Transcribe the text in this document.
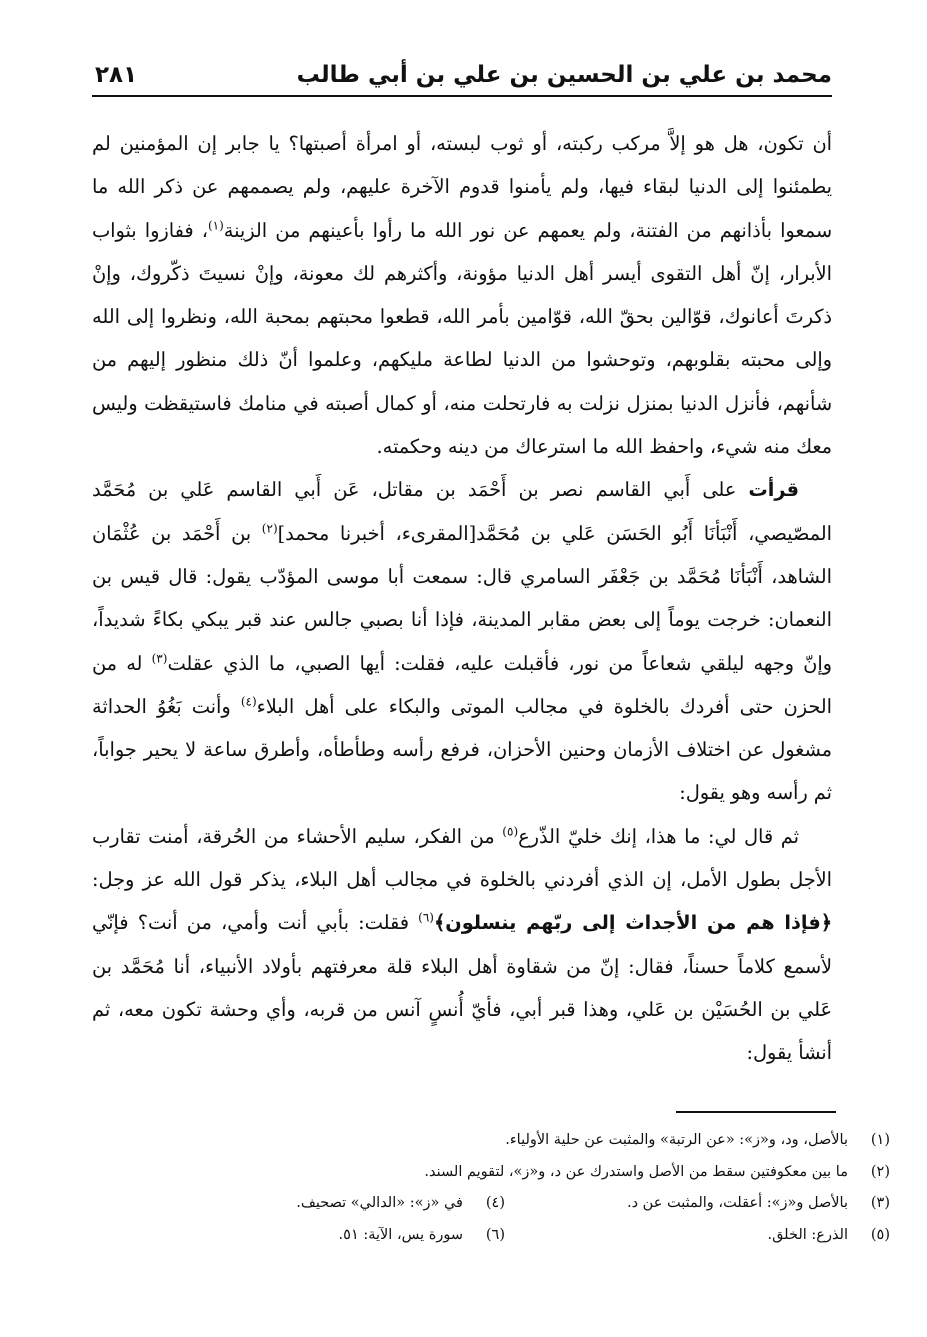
محمد بن علي بن الحسين بن علي بن أبي طالب
٢٨١

أن تكون، هل هو إلاَّ مركب ركبته، أو ثوب لبسته، أو امرأة أصبتها؟ يا جابر إن المؤمنين لم يطمئنوا إلى الدنيا لبقاء فيها، ولم يأمنوا قدوم الآخرة عليهم، ولم يصممهم عن ذكر الله ما سمعوا بأذانهم من الفتنة، ولم يعمهم عن نور الله ما رأوا بأعينهم من الزينة$^{(١)}$، ففازوا بثواب الأبرار، إنّ أهل التقوى أيسر أهل الدنيا مؤونة، وأكثرهم لك معونة، وإنْ نسيتَ ذكّروك، وإنْ ذكرتَ أعانوك، قوّالين بحقّ الله، قوّامين بأمر الله، قطعوا محبتهم بمحبة الله، ونظروا إلى الله وإلى محبته بقلوبهم، وتوحشوا من الدنيا لطاعة مليكهم، وعلموا أنّ ذلك منظور إليهم من شأنهم، فأنزل الدنيا بمنزل نزلت به فارتحلت منه، أو كمال أصبته في منامك فاستيقظت وليس معك منه شيء، واحفظ الله ما استرعاك من دينه وحكمته.

قرأت على أَبي القاسم نصر بن أَحْمَد بن مقاتل، عَن أَبي القاسم عَلي بن مُحَمَّد المصّيصي، أَنْبَأنَا أَبُو الحَسَن عَلي بن مُحَمَّد[المقرىء، أخبرنا محمد]$^{(٢)}$ بن أَحْمَد بن عُثْمَان الشاهد، أَنْبَأنَا مُحَمَّد بن جَعْفَر السامري قال: سمعت أبا موسى المؤدّب يقول: قال قيس بن النعمان: خرجت يوماً إلى بعض مقابر المدينة، فإذا أنا بصبي جالس عند قبر يبكي بكاءً شديداً، وإنّ وجهه ليلقي شعاعاً من نور، فأقبلت عليه، فقلت: أيها الصبي، ما الذي عقلت$^{(٣)}$ له من الحزن حتى أفردك بالخلوة في مجالب الموتى والبكاء على أهل البلاء$^{(٤)}$ وأنت بَغُوُ الحداثة مشغول عن اختلاف الأزمان وحنين الأحزان، فرفع رأسه وطأطأه، وأطرق ساعة لا يحير جواباً، ثم رأسه وهو يقول:

ثم قال لي: ما هذا، إنك خليّ الذّرع$^{(٥)}$ من الفكر، سليم الأحشاء من الحُرقة، أمنت تقارب الأجل بطول الأمل، إن الذي أفردني بالخلوة في مجالب أهل البلاء، يذكر قول الله عز وجل: ﴿فإذا هم من الأجداث إلى ربّهم ينسلون﴾$^{(٦)}$ فقلت: بأبي أنت وأمي، من أنت؟ فإنّي لأسمع كلاماً حسناً، فقال: إنّ من شقاوة أهل البلاء قلة معرفتهم بأولاد الأنبياء، أنا مُحَمَّد بن عَلي بن الحُسَيْن بن عَلي، وهذا قبر أبي، فأيّ أُنسٍ آنس من قربه، وأي وحشة تكون معه، ثم أنشأ يقول:

(١)
بالأصل، ود، و«ز»: «عن الرتبة» والمثبت عن حلية الأولياء.
(٢)
ما بين معكوفتين سقط من الأصل واستدرك عن د، و«ز»، لتقويم السند.
(٣)
بالأصل و«ز»: أعقلت، والمثبت عن د.
(٤)
في «ز»: «الدالي» تصحيف.
(٥)
الذرع: الخلق.
(٦)
سورة يس، الآية: ٥١.
